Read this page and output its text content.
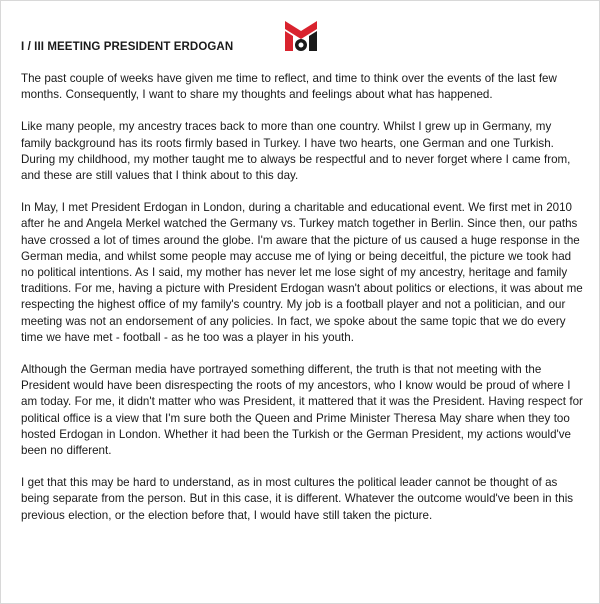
I / III MEETING PRESIDENT ERDOGAN

The past couple of weeks have given me time to reflect, and time to think over the events of the last few months. Consequently, I want to share my thoughts and feelings about what has happened.

Like many people, my ancestry traces back to more than one country. Whilst I grew up in Germany, my family background has its roots firmly based in Turkey. I have two hearts, one German and one Turkish. During my childhood, my mother taught me to always be respectful and to never forget where I came from, and these are still values that I think about to this day.

In May, I met President Erdogan in London, during a charitable and educational event. We first met in 2010 after he and Angela Merkel watched the Germany vs. Turkey match together in Berlin. Since then, our paths have crossed a lot of times around the globe. I'm aware that the picture of us caused a huge response in the German media, and whilst some people may accuse me of lying or being deceitful, the picture we took had no political intentions. As I said, my mother has never let me lose sight of my ancestry, heritage and family traditions. For me, having a picture with President Erdogan wasn't about politics or elections, it was about me respecting the highest office of my family's country. My job is a football player and not a politician, and our meeting was not an endorsement of any policies. In fact, we spoke about the same topic that we do every time we have met - football - as he too was a player in his youth.

Although the German media have portrayed something different, the truth is that not meeting with the President would have been disrespecting the roots of my ancestors, who I know would be proud of where I am today. For me, it didn't matter who was President, it mattered that it was the President. Having respect for political office is a view that I'm sure both the Queen and Prime Minister Theresa May share when they too hosted Erdogan in London. Whether it had been the Turkish or the German President, my actions would've been no different.

I get that this may be hard to understand, as in most cultures the political leader cannot be thought of as being separate from the person. But in this case, it is different. Whatever the outcome would've been in this previous election, or the election before that, I would have still taken the picture.
